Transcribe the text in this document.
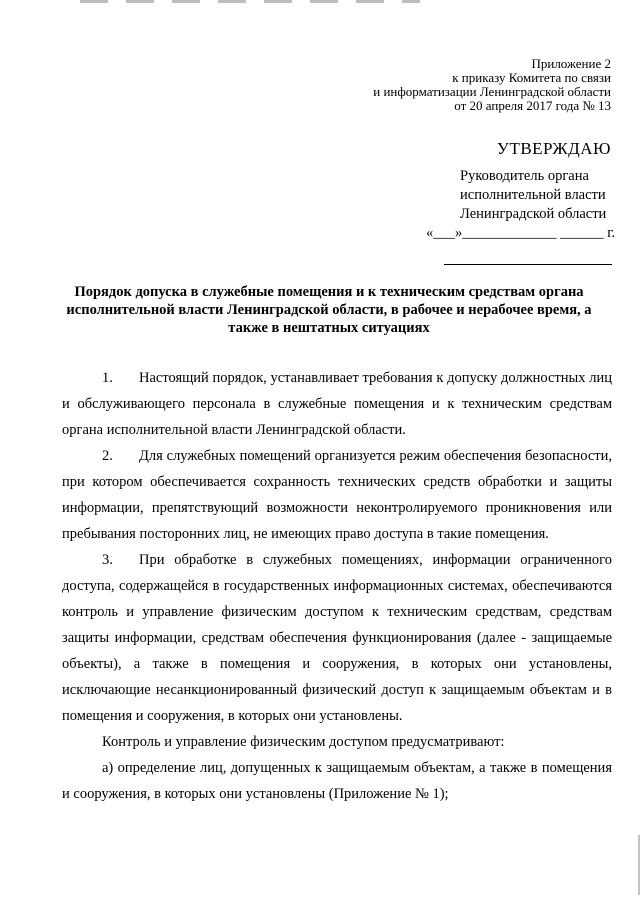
Приложение 2
к приказу Комитета по связи
и информатизации Ленинградской области
от 20 апреля 2017 года № 13
УТВЕРЖДАЮ
Руководитель органа
исполнительной власти
Ленинградской области
«___»_____________ ______ г.
Порядок допуска в служебные помещения и к техническим средствам органа исполнительной власти Ленинградской области, в рабочее и нерабочее время, а также в нештатных ситуациях

1. Настоящий порядок, устанавливает требования к допуску должностных лиц и обслуживающего персонала в служебные помещения и к техническим средствам органа исполнительной власти Ленинградской области.

2. Для служебных помещений организуется режим обеспечения безопасности, при котором обеспечивается сохранность технических средств обработки и защиты информации, препятствующий возможности неконтролируемого проникновения или пребывания посторонних лиц, не имеющих право доступа в такие помещения.

3. При обработке в служебных помещениях, информации ограниченного доступа, содержащейся в государственных информационных системах, обеспечиваются контроль и управление физическим доступом к техническим средствам, средствам защиты информации, средствам обеспечения функционирования (далее - защищаемые объекты), а также в помещения и сооружения, в которых они установлены, исключающие несанкционированный физический доступ к защищаемым объектам и в помещения и сооружения, в которых они установлены.

Контроль и управление физическим доступом предусматривают:

а) определение лиц, допущенных к защищаемым объектам, а также в помещения и сооружения, в которых они установлены (Приложение № 1);
